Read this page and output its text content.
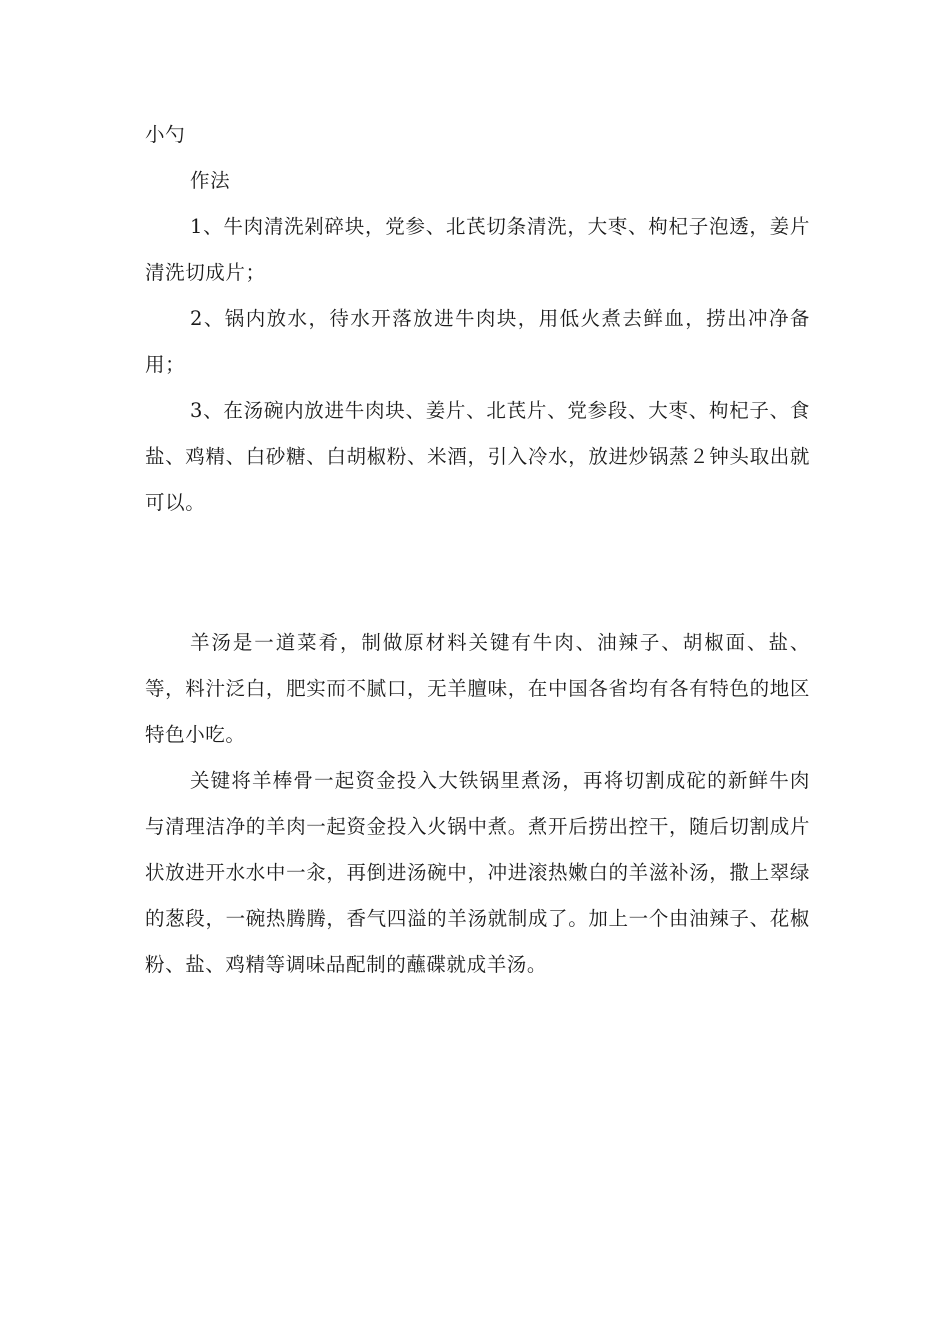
小勺

作法

1、牛肉清洗剁碎块，党参、北芪切条清洗，大枣、枸杞子泡透，姜片清洗切成片；

2、锅内放水，待水开落放进牛肉块，用低火煮去鲜血，捞出冲净备用；

3、在汤碗内放进牛肉块、姜片、北芪片、党参段、大枣、枸杞子、食盐、鸡精、白砂糖、白胡椒粉、米酒，引入冷水，放进炒锅蒸２钟头取出就可以。

羊汤是一道菜肴，制做原材料关键有牛肉、油辣子、胡椒面、盐、等，料汁泛白，肥实而不腻口，无羊膻味，在中国各省均有各有特色的地区特色小吃。

关键将羊棒骨一起资金投入大铁锅里煮汤，再将切割成砣的新鲜牛肉与清理洁净的羊肉一起资金投入火锅中煮。煮开后捞出控干，随后切割成片状放进开水水中一汆，再倒进汤碗中，冲进滚热嫩白的羊滋补汤，撒上翠绿的葱段，一碗热腾腾，香气四溢的羊汤就制成了。加上一个由油辣子、花椒粉、盐、鸡精等调味品配制的蘸碟就成羊汤。
